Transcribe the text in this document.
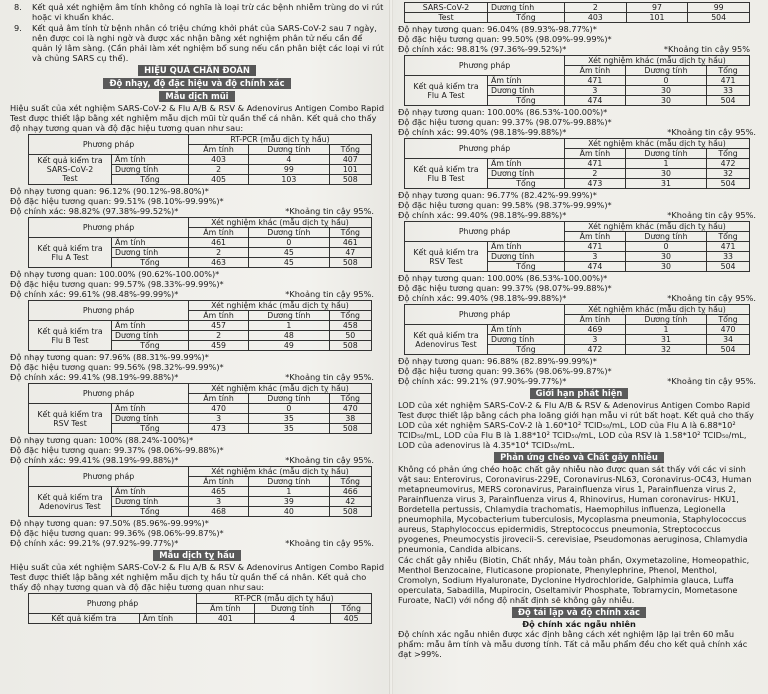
8. Kết quả xét nghiệm âm tính không có nghĩa là loại trừ các bệnh nhiễm trùng do vi rút hoặc vi khuẩn khác.
9. Kết quả âm tính từ bệnh nhân có triệu chứng khởi phát của SARS-CoV-2 sau 7 ngày, nên được coi là nghi ngờ và được xác nhận bằng xét nghiệm phân tử nếu cần để quản lý lâm sàng. (Cần phải làm xét nghiệm bổ sung nếu cần phân biệt các loại vi rút và chủng SARS cụ thể).
HIỆU QUẢ CHẨN ĐOÁN
Độ nhạy, độ đặc hiệu và độ chính xác
Mẫu dịch mũi

Hiệu suất của xét nghiệm SARS-CoV-2 & Flu A/B & RSV & Adenovirus Antigen Combo Rapid Test được thiết lập bằng xét nghiệm mẫu dịch mũi từ quần thể cá nhân. Kết quả cho thấy độ nhạy tương quan và độ đặc hiệu tương quan như sau:

Phương pháp		RT-PCR (mẫu dịch tỵ hầu)		
		Âm tính	Dương tính	Tổng

Kết quả kiểm tra
SARS-CoV-2
Test	Âm tính	403	4	407
	Dương tính	2	99	101
	Tổng	405	103	508

Độ nhạy tương quan: 96.12% (90.12%-98.80%)*

Độ đặc hiệu tương quan: 99.51% (98.10%-99.99%)*

Độ chính xác: 98.82% (97.38%-99.52%)*	*Khoảng tin cậy 95%.
Phương pháp		Xét nghiệm khác (mẫu dịch tỵ hầu)		
		Âm tính	Dương tính	Tổng

Kết quả kiểm tra
Flu A Test	Âm tính	461	0	461
	Dương tính	2	45	47
	Tổng	463	45	508

Độ nhạy tương quan: 100.00% (90.62%-100.00%)*

Độ đặc hiệu tương quan: 99.57% (98.33%-99.99%)*

Độ chính xác: 99.61% (98.48%-99.99%)*	*Khoảng tin cậy 95%.
Phương pháp		Xét nghiệm khác (mẫu dịch tỵ hầu)		
		Âm tính	Dương tính	Tổng

Kết quả kiểm tra
Flu B Test	Âm tính	457	1	458
	Dương tính	2	48	50
	Tổng	459	49	508

Độ nhạy tương quan: 97.96% (88.31%-99.99%)*

Độ đặc hiệu tương quan: 99.56% (98.32%-99.99%)*

Độ chính xác: 99.41% (98.19%-99.88%)*	*Khoảng tin cậy 95%.
Phương pháp		Xét nghiệm khác (mẫu dịch tỵ hầu)		
		Âm tính	Dương tính	Tổng

Kết quả kiểm tra
RSV Test	Âm tính	470	0	470
	Dương tính	3	35	38
	Tổng	473	35	508

Độ nhạy tương quan: 100% (88.24%-100%)*

Độ đặc hiệu tương quan: 99.37% (98.06%-99.88%)*

Độ chính xác: 99.41% (98.19%-99.88%)*	*Khoảng tin cậy 95%.
Phương pháp		Xét nghiệm khác (mẫu dịch tỵ hầu)		
		Âm tính	Dương tính	Tổng

Kết quả kiểm tra
Adenovirus Test	Âm tính	465	1	466
	Dương tính	3	39	42
	Tổng	468	40	508

Độ nhạy tương quan: 97.50% (85.96%-99.99%)*

Độ đặc hiệu tương quan: 99.36% (98.06%-99.87%)*

Độ chính xác: 99.21% (97.92%-99.77%)*	*Khoảng tin cậy 95%.
Mẫu dịch tỵ hầu

Hiệu suất của xét nghiệm SARS-CoV-2 & Flu A/B & RSV & Adenovirus Antigen Combo Rapid Test được thiết lập bằng xét nghiệm mẫu dịch tỵ hầu từ quần thể cá nhân. Kết quả cho thấy độ nhạy tương quan và độ đặc hiệu tương quan như sau:

Phương pháp		RT-PCR (mẫu dịch tỵ hầu)		
		Âm tính	Dương tính	Tổng
Kết quả kiểm tra	Âm tính	401	4	405
SARS-CoV-2	Dương tính	2	97	99
Test	Tổng	403	101	504

Độ nhạy tương quan: 96.04% (89.93%-98.77%)*

Độ đặc hiệu tương quan: 99.50% (98.09%-99.99%)*

Độ chính xác: 98.81% (97.36%-99.52%)*	*Khoảng tin cậy 95%
Phương pháp		Xét nghiệm khác (mẫu dịch tỵ hầu)		
		Âm tính	Dương tính	Tổng

Kết quả kiểm tra
Flu A Test	Âm tính	471	0	471
	Dương tính	3	30	33
	Tổng	474	30	504

Độ nhạy tương quan: 100.00% (86.53%-100.00%)*

Độ đặc hiệu tương quan: 99.37% (98.07%-99.88%)*

Độ chính xác: 99.40% (98.18%-99.88%)*	*Khoảng tin cậy 95%.
Phương pháp		Xét nghiệm khác (mẫu dịch tỵ hầu)		
		Âm tính	Dương tính	Tổng

Kết quả kiểm tra
Flu B Test	Âm tính	471	1	472
	Dương tính	2	30	32
	Tổng	473	31	504

Độ nhạy tương quan: 96.77% (82.42%-99.99%)*

Độ đặc hiệu tương quan: 99.58% (98.37%-99.99%)*

Độ chính xác: 99.40% (98.18%-99.88%)*	*Khoảng tin cậy 95%.
Phương pháp		Xét nghiệm khác (mẫu dịch tỵ hầu)		
		Âm tính	Dương tính	Tổng

Kết quả kiểm tra
RSV Test	Âm tính	471	0	471
	Dương tính	3	30	33
	Tổng	474	30	504

Độ nhạy tương quan: 100.00% (86.53%-100.00%)*

Độ đặc hiệu tương quan: 99.37% (98.07%-99.88%)*

Độ chính xác: 99.40% (98.18%-99.88%)*	*Khoảng tin cậy 95%.
Phương pháp		Xét nghiệm khác (mẫu dịch tỵ hầu)		
		Âm tính	Dương tính	Tổng

Kết quả kiểm tra
Adenovirus Test	Âm tính	469	1	470
	Dương tính	3	31	34
	Tổng	472	32	504

Độ nhạy tương quan: 96.88% (82.89%-99.99%)*

Độ đặc hiệu tương quan: 99.36% (98.06%-99.87%)*

Độ chính xác: 99.21% (97.90%-99.77%)*	*Khoảng tin cậy 95%.
Giới hạn phát hiện

LOD của xét nghiệm SARS-CoV-2 & Flu A/B & RSV & Adenovirus Antigen Combo Rapid Test được thiết lập bằng cách pha loãng giới hạn mẫu vi rút bất hoạt. Kết quả cho thấy LOD của xét nghiệm SARS-CoV-2 là 1.60*10² TCID₅₀/mL, LOD của Flu A là 6.88*10² TCID₅₀/mL, LOD của Flu B là 1.88*10² TCID₅₀/mL, LOD của RSV là 1.58*10² TCID₅₀/mL, LOD của adenovirus là 4.35*10⁴ TCID₅₀/mL.

Phản ứng chéo và Chất gây nhiễu

Không có phản ứng chéo hoặc chất gây nhiễu nào được quan sát thấy với các vi sinh vật sau: Enterovirus, Coronavirus-229E, Coronavirus-NL63, Coronavirus-OC43, Human metapneumovirus, MERS coronavirus, Parainfluenza virus 1, Parainfluenza virus 2, Parainfluenza virus 3, Parainfluenza virus 4, Rhinovirus, Human coronavirus- HKU1, Bordetella pertussis, Chlamydia trachomatis, Haemophilus influenza, Legionella pneumophila, Mycobacterium tuberculosis, Mycoplasma pneumonia, Staphylococcus aureus, Staphylococcus epidermidis, Streptococcus pneumonia, Streptococcus pyogenes, Pneumocystis jirovecii-S. cerevisiae, Pseudomonas aeruginosa, Chlamydia pneumonia, Candida albicans.

Các chất gây nhiễu (Biotin, Chất nhầy, Máu toàn phần, Oxymetazoline, Homeopathic, Menthol Benzocaine, Fluticasone propionate, Phenylephrine, Phenol, Menthol, Cromolyn, Sodium Hyaluronate, Dyclonine Hydrochloride, Galphimia glauca, Luffa operculata, Sabadilla, Mupirocin, Oseltamivir Phosphate, Tobramycin, Mometasone Furoate, NaCl) với nồng độ nhất định sẽ không gây nhiễu.

Độ tái lặp và độ chính xác
Độ chính xác ngẫu nhiên

Độ chính xác ngẫu nhiên được xác định bằng cách xét nghiệm lặp lại trên 60 mẫu phẩm: mẫu âm tính và mẫu dương tính. Tất cả mẫu phẩm đều cho kết quả chính xác đạt >99%.
